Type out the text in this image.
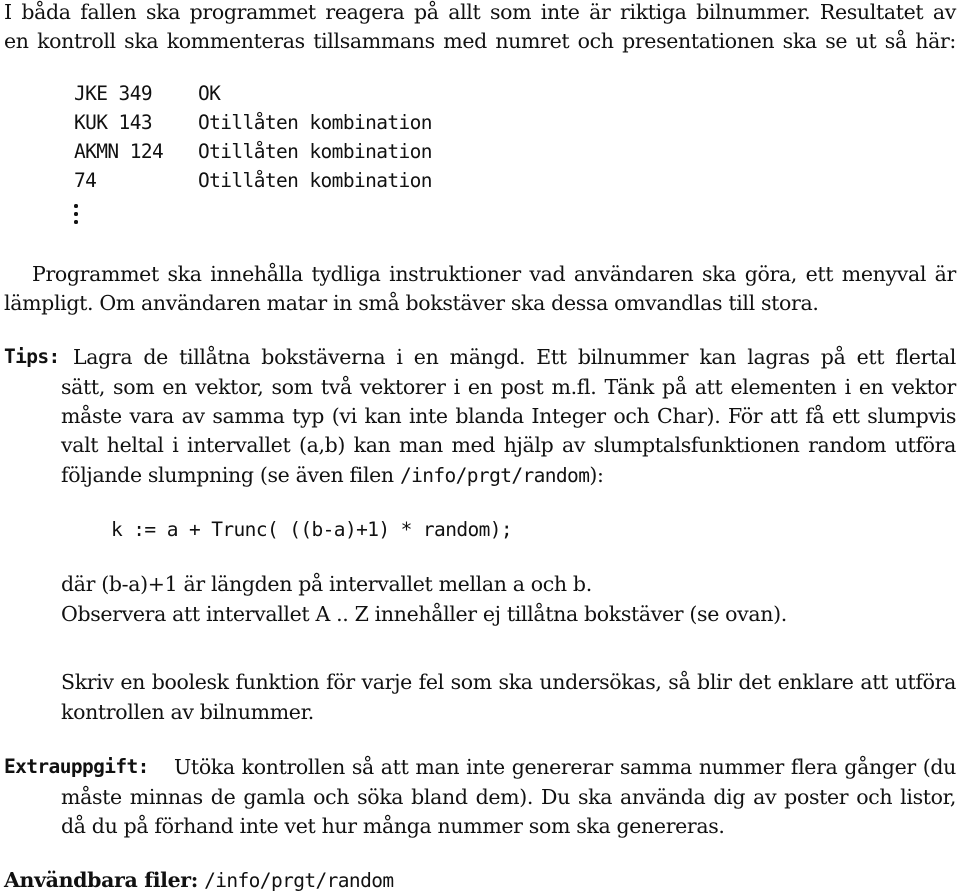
I båda fallen ska programmet reagera på allt som inte är riktiga bilnummer. Resultatet av
en kontroll ska kommenteras tillsammans med numret och presentationen ska se ut så här:
JKE 349 OK
KUK 143 Otillåten kombination
AKMN 124 Otillåten kombination
74	Otillåten kombination
Programmet ska innehålla tydliga instruktioner vad användaren ska göra, ett menyval är
lämpligt. Om användaren matar in små bokstäver ska dessa omvandlas till stora.
Tips: Lagra de tillåtna bokstäverna i en mängd. Ett bilnummer kan lagras på ett flertal
sätt, som en vektor, som två vektorer i en post m.fl. Tänk på att elementen i en vektor
måste vara av samma typ (vi kan inte blanda Integer och Char). För att få ett slumpvis
valt heltal i intervallet (a,b) kan man med hjälp av slumptalsfunktionen random utföra
följande slumpning (se även filen /info/prgt/random):
k := a + Trunc( ((b-a)+1) * random);
där (b-a)+1 är längden på intervallet mellan a och b.
Observera att intervallet A .. Z innehåller ej tillåtna bokstäver (se ovan).
Skriv en boolesk funktion för varje fel som ska undersökas, så blir det enklare att utföra
kontrollen av bilnummer.
Extrauppgift: Utöka kontrollen så att man inte genererar samma nummer flera gånger (du
måste minnas de gamla och söka bland dem). Du ska använda dig av poster och listor,
då du på förhand inte vet hur många nummer som ska genereras.
Användbara filer: /info/prgt/random
